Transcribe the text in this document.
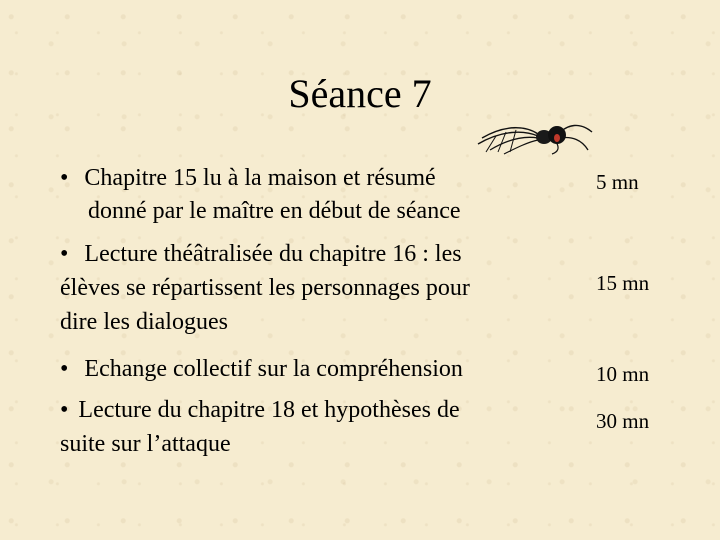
Séance 7
• Chapitre 15 lu à la maison et résumé
donné par le maître en début de séance
5 mn
• Lecture théâtralisée du chapitre 16 : les
élèves se répartissent les personnages pour
dire les dialogues
15 mn
• Echange collectif sur la compréhension	10 mn
• Lecture du chapitre 18 et hypothèses de
suite sur l’attaque
30 mn
